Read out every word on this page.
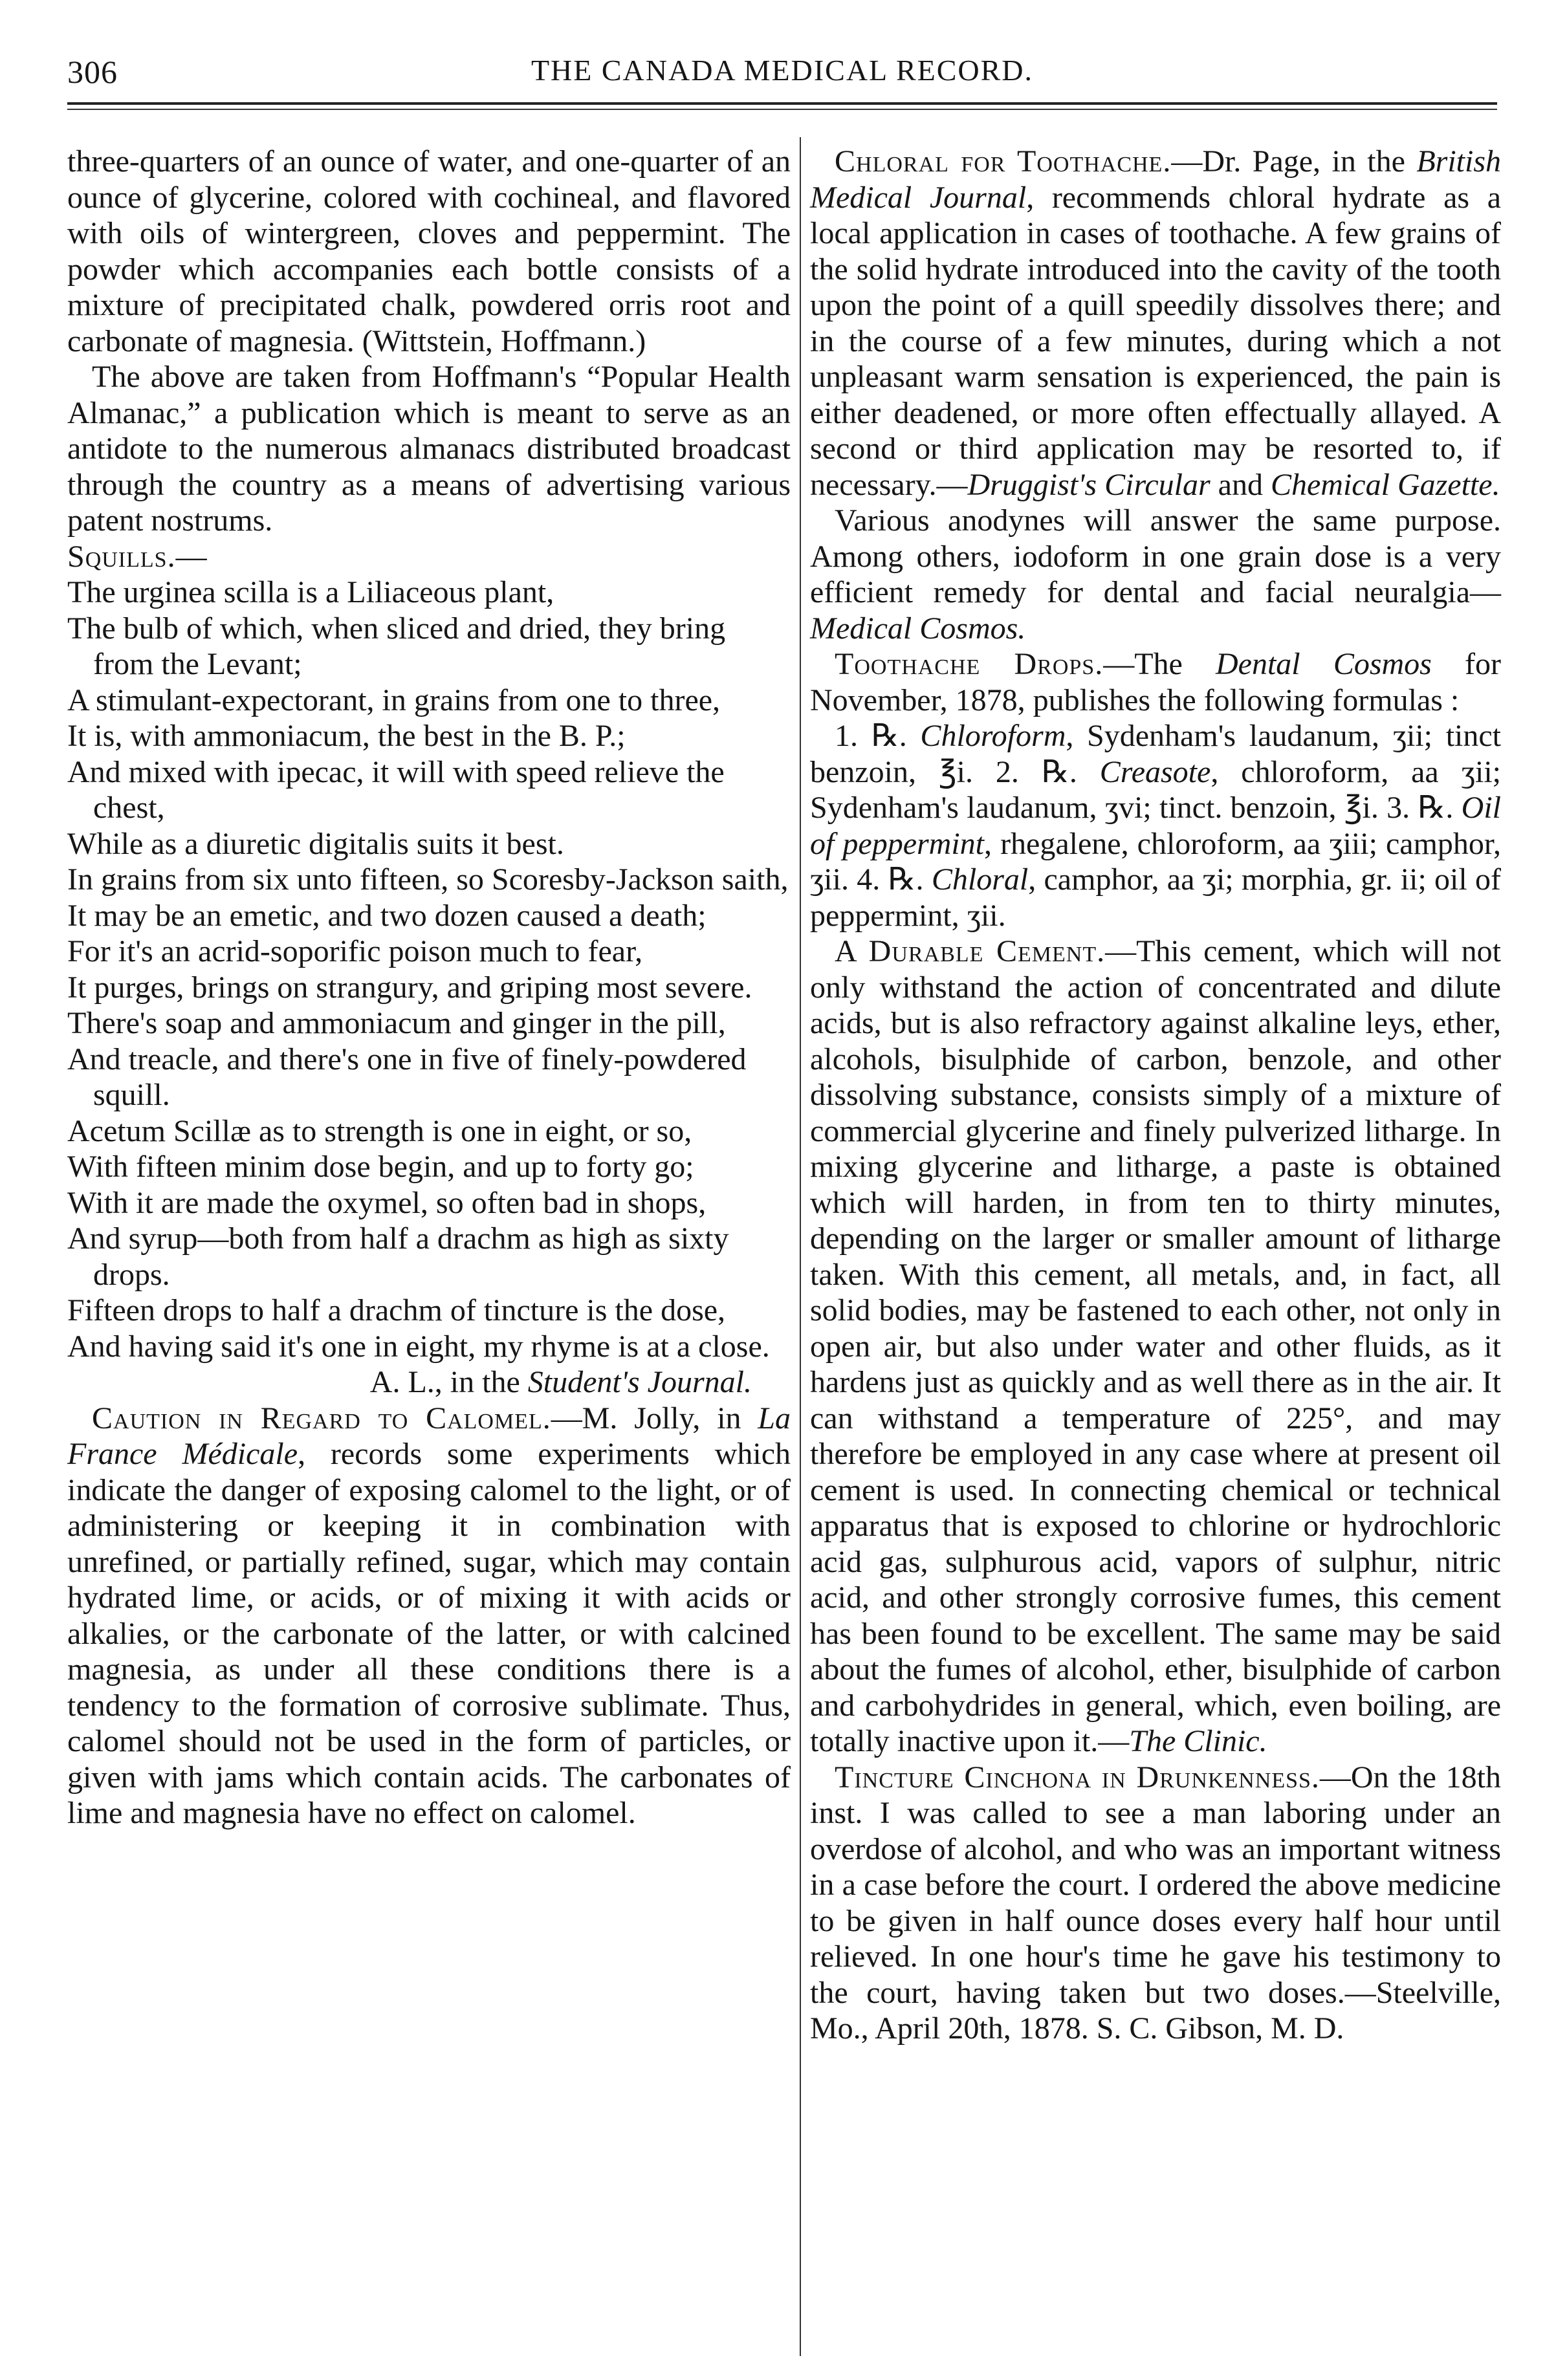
306	THE CANADA MEDICAL RECORD.

three-quarters of an ounce of water, and one-quarter of an ounce of glycerine, colored with cochineal, and flavored with oils of wintergreen, cloves and peppermint. The powder which accompanies each bottle consists of a mixture of precipitated chalk, powdered orris root and carbonate of magnesia. (Wittstein, Hoffmann.)

The above are taken from Hoffmann's “Popular Health Almanac,” a publication which is meant to serve as an antidote to the numerous almanacs distributed broadcast through the country as a means of advertising various patent nostrums.

Squills.—

The urginea scilla is a Liliaceous plant,
The bulb of which, when sliced and dried, they bring from the Levant;
A stimulant-expectorant, in grains from one to three,
It is, with ammoniacum, the best in the B. P.;
And mixed with ipecac, it will with speed relieve the chest,
While as a diuretic digitalis suits it best.
In grains from six unto fifteen, so Scoresby-Jackson saith,
It may be an emetic, and two dozen caused a death;
For it's an acrid-soporific poison much to fear,
It purges, brings on strangury, and griping most severe.
There's soap and ammoniacum and ginger in the pill,
And treacle, and there's one in five of finely-powdered squill.
Acetum Scillæ as to strength is one in eight, or so,
With fifteen minim dose begin, and up to forty go;
With it are made the oxymel, so often bad in shops,
And syrup—both from half a drachm as high as sixty drops.
Fifteen drops to half a drachm of tincture is the dose,
And having said it's one in eight, my rhyme is at a close.
A. L., in the Student's Journal.

Caution in Regard to Calomel.—M. Jolly, in La France Médicale, records some experiments which indicate the danger of exposing calomel to the light, or of administering or keeping it in combination with unrefined, or partially refined, sugar, which may contain hydrated lime, or acids, or of mixing it with acids or alkalies, or the carbonate of the latter, or with calcined magnesia, as under all these conditions there is a tendency to the formation of corrosive sublimate. Thus, calomel should not be used in the form of particles, or given with jams which contain acids. The carbonates of lime and magnesia have no effect on calomel.

Chloral for Toothache.—Dr. Page, in the British Medical Journal, recommends chloral hydrate as a local application in cases of toothache. A few grains of the solid hydrate introduced into the cavity of the tooth upon the point of a quill speedily dissolves there; and in the course of a few minutes, during which a not unpleasant warm sensation is experienced, the pain is either deadened, or more often effectually allayed. A second or third application may be resorted to, if necessary.—Druggist's Circular and Chemical Gazette.

Various anodynes will answer the same purpose. Among others, iodoform in one grain dose is a very efficient remedy for dental and facial neuralgia—Medical Cosmos.

Toothache Drops.—The Dental Cosmos for November, 1878, publishes the following formulas :

1. ℞. Chloroform, Sydenham's laudanum, ʒii; tinct benzoin, ℥i. 2. ℞. Creasote, chloroform, aa ʒii; Sydenham's laudanum, ʒvi; tinct. benzoin, ℥i. 3. ℞. Oil of peppermint, rhegalene, chloroform, aa ʒiii; camphor, ʒii. 4. ℞. Chloral, camphor, aa ʒi; morphia, gr. ii; oil of peppermint, ʒii.

A Durable Cement.—This cement, which will not only withstand the action of concentrated and dilute acids, but is also refractory against alkaline leys, ether, alcohols, bisulphide of carbon, benzole, and other dissolving substance, consists simply of a mixture of commercial glycerine and finely pulverized litharge. In mixing glycerine and litharge, a paste is obtained which will harden, in from ten to thirty minutes, depending on the larger or smaller amount of litharge taken. With this cement, all metals, and, in fact, all solid bodies, may be fastened to each other, not only in open air, but also under water and other fluids, as it hardens just as quickly and as well there as in the air. It can withstand a temperature of 225°, and may therefore be employed in any case where at present oil cement is used. In connecting chemical or technical apparatus that is exposed to chlorine or hydrochloric acid gas, sulphurous acid, vapors of sulphur, nitric acid, and other strongly corrosive fumes, this cement has been found to be excellent. The same may be said about the fumes of alcohol, ether, bisulphide of carbon and carbohydrides in general, which, even boiling, are totally inactive upon it.—The Clinic.

Tincture Cinchona in Drunkenness.—On the 18th inst. I was called to see a man laboring under an overdose of alcohol, and who was an important witness in a case before the court. I ordered the above medicine to be given in half ounce doses every half hour until relieved. In one hour's time he gave his testimony to the court, having taken but two doses.—Steelville, Mo., April 20th, 1878. S. C. Gibson, M. D.
